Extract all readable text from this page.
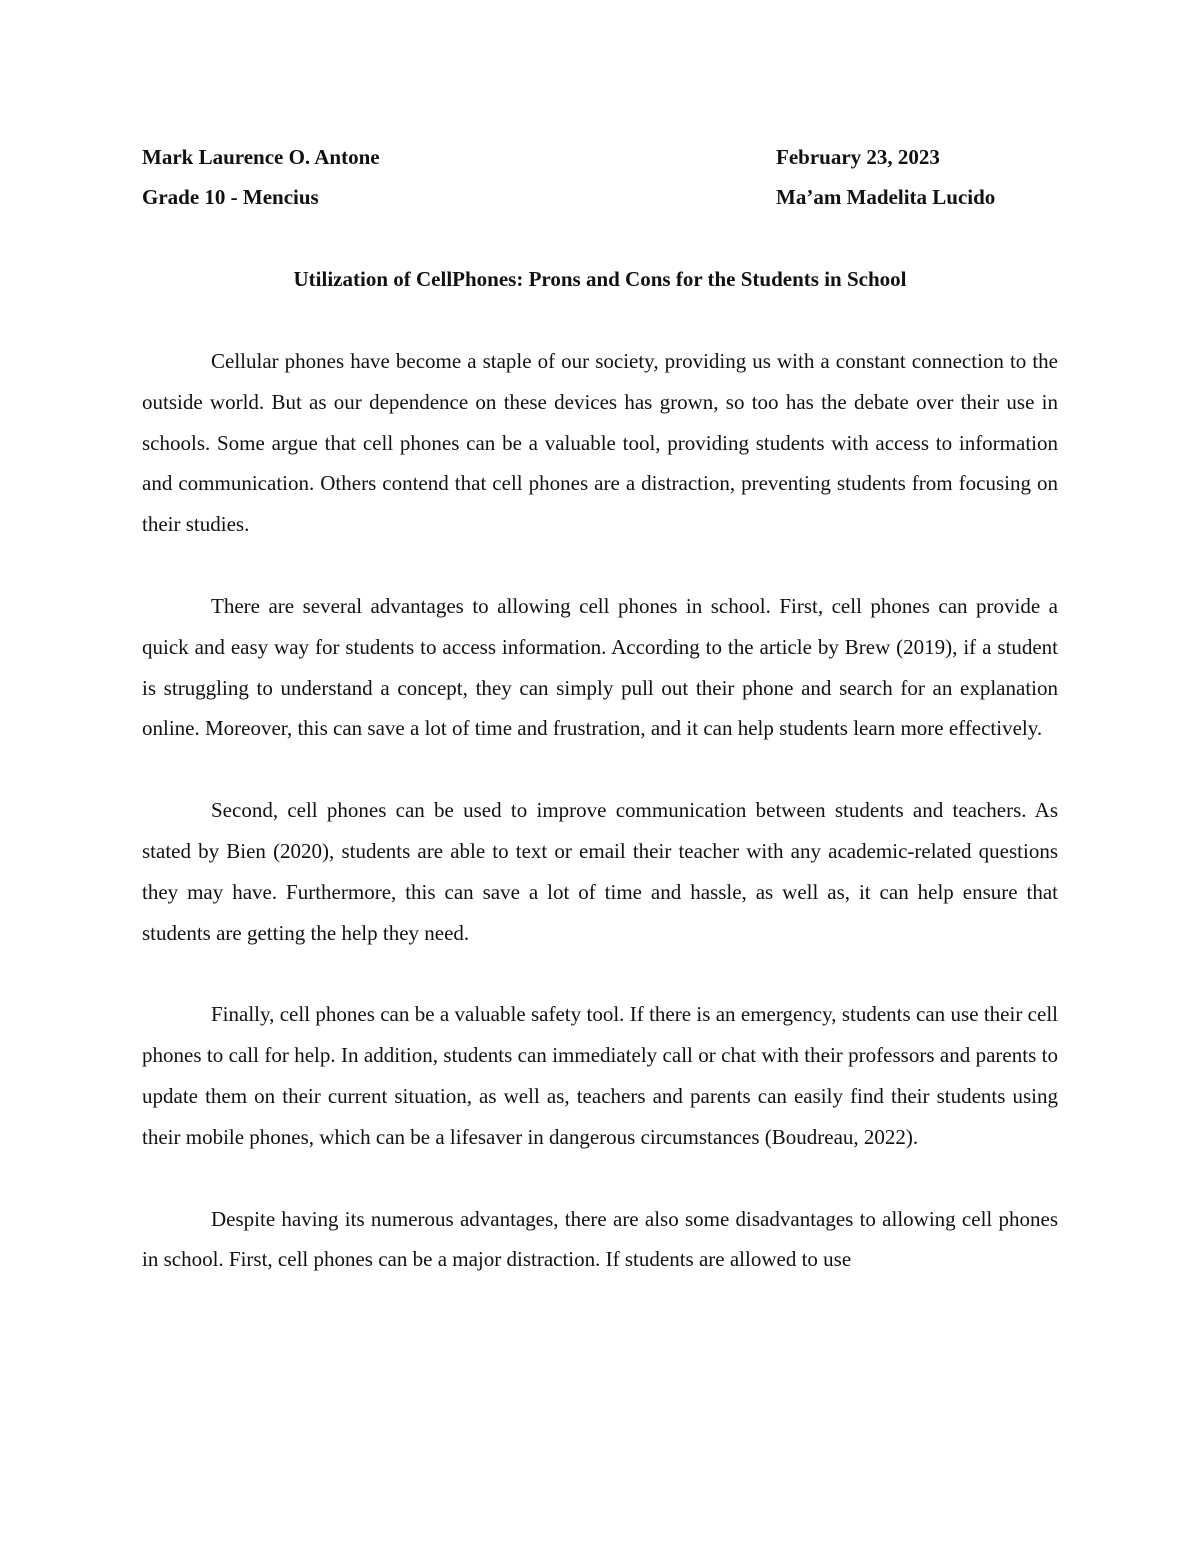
Mark Laurence O. Antone	February 23, 2023
Grade 10 - Mencius	Ma’am Madelita Lucido
Utilization of CellPhones: Prons and Cons for the Students in School

Cellular phones have become a staple of our society, providing us with a constant connection to the outside world. But as our dependence on these devices has grown, so too has the debate over their use in schools. Some argue that cell phones can be a valuable tool, providing students with access to information and communication. Others contend that cell phones are a distraction, preventing students from focusing on their studies.

There are several advantages to allowing cell phones in school. First, cell phones can provide a quick and easy way for students to access information. According to the article by Brew (2019), if a student is struggling to understand a concept, they can simply pull out their phone and search for an explanation online. Moreover, this can save a lot of time and frustration, and it can help students learn more effectively.

Second, cell phones can be used to improve communication between students and teachers. As stated by Bien (2020), students are able to text or email their teacher with any academic-related questions they may have. Furthermore, this can save a lot of time and hassle, as well as, it can help ensure that students are getting the help they need.

Finally, cell phones can be a valuable safety tool. If there is an emergency, students can use their cell phones to call for help. In addition, students can immediately call or chat with their professors and parents to update them on their current situation, as well as, teachers and parents can easily find their students using their mobile phones, which can be a lifesaver in dangerous circumstances (Boudreau, 2022).

Despite having its numerous advantages, there are also some disadvantages to allowing cell phones in school. First, cell phones can be a major distraction. If students are allowed to use
